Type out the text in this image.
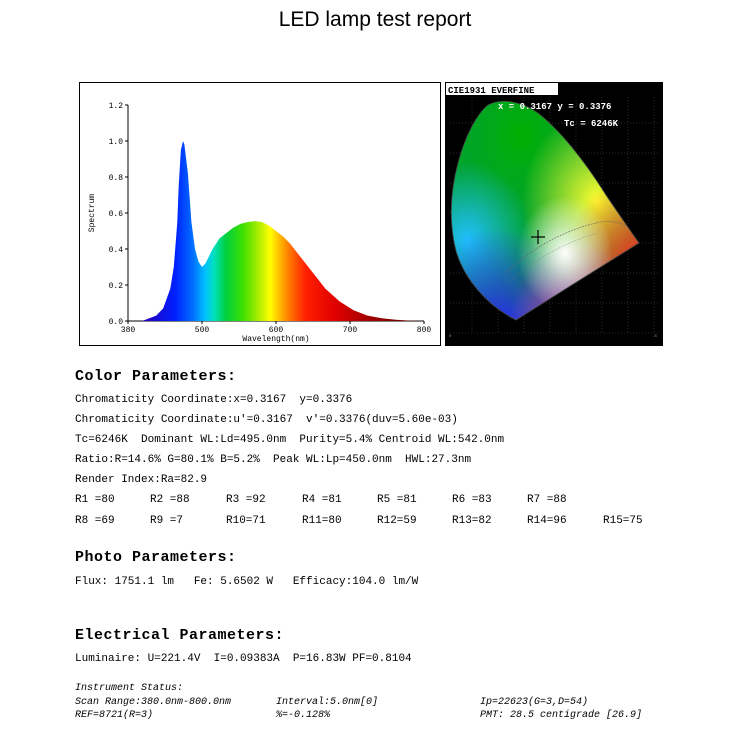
LED lamp test report
0.0
0.2
0.4
0.6
0.8
1.0
1.2
380	500	600	700	800
Wavelength(nm)
Spectrum
CIE1931 EVERFINE
x = 0.3167 y = 0.3376
Tc = 6246K
0	.8
Color Parameters:
Chromaticity Coordinate:x=0.3167  y=0.3376
Chromaticity Coordinate:u'=0.3167  v'=0.3376(duv=5.60e-03)
Tc=6246K  Dominant WL:Ld=495.0nm  Purity=5.4% Centroid WL:542.0nm
Ratio:R=14.6% G=80.1% B=5.2%  Peak WL:Lp=450.0nm  HWL:27.3nm
Render Index:Ra=82.9
R1 =80	R2 =88	R3 =92	R4 =81	R5 =81	R6 =83	R7 =88
R8 =69	R9 =7	R10=71	R11=80	R12=59	R13=82	R14=96	R15=75
Photo Parameters:
Flux: 1751.1 lm   Fe: 5.6502 W   Efficacy:104.0 lm/W
Electrical Parameters:
Luminaire: U=221.4V  I=0.09383A  P=16.83W PF=0.8104
Instrument Status:
Scan Range:380.0nm-800.0nm	Interval:5.0nm[0]	Ip=22623(G=3,D=54)
REF=8721(R=3)	%=-0.128%	PMT: 28.5 centigrade [26.9]
